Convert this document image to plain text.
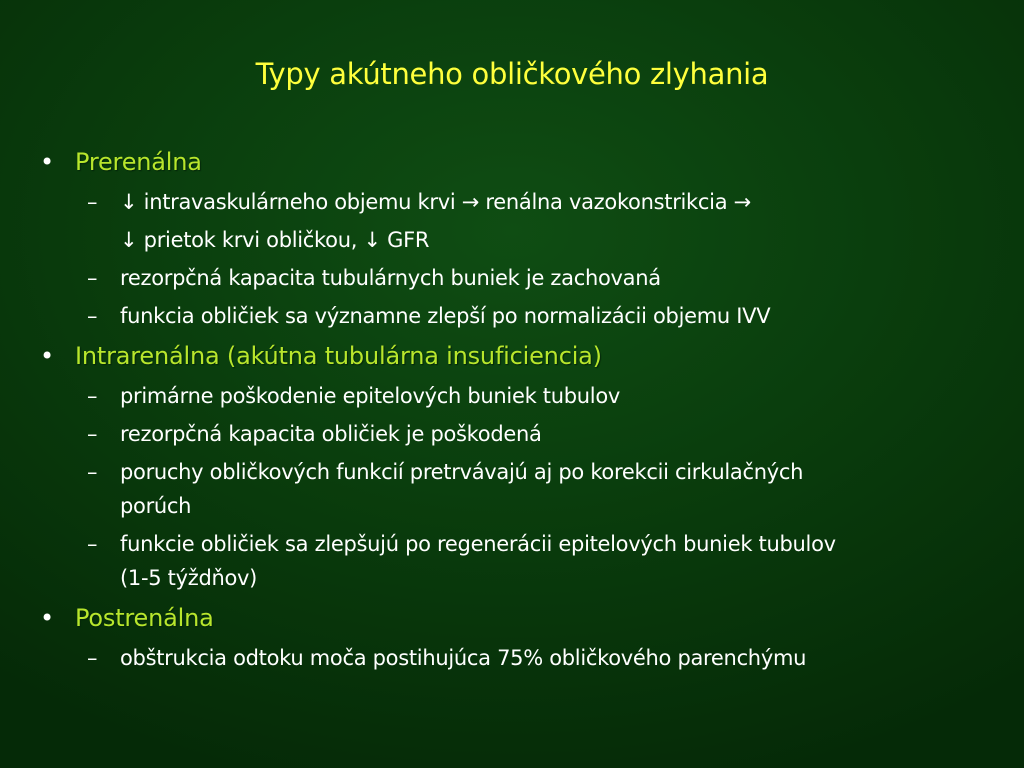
Typy akútneho obličkového zlyhania
• Prerenálna
– ↓ intravaskulárneho objemu krvi → renálna vazokonstrikcia →
↓ prietok krvi obličkou, ↓ GFR
– rezorpčná kapacita tubulárnych buniek je zachovaná
– funkcia obličiek sa významne zlepší po normalizácii objemu IVV
• Intrarenálna (akútna tubulárna insuficiencia)
– primárne poškodenie epitelových buniek tubulov
– rezorpčná kapacita obličiek je poškodená
– poruchy obličkových funkcií pretrvávajú aj po korekcii cirkulačných
porúch
– funkcie obličiek sa zlepšujú po regenerácii epitelových buniek tubulov
(1-5 týždňov)
• Postrenálna
– obštrukcia odtoku moča postihujúca 75% obličkového parenchýmu
